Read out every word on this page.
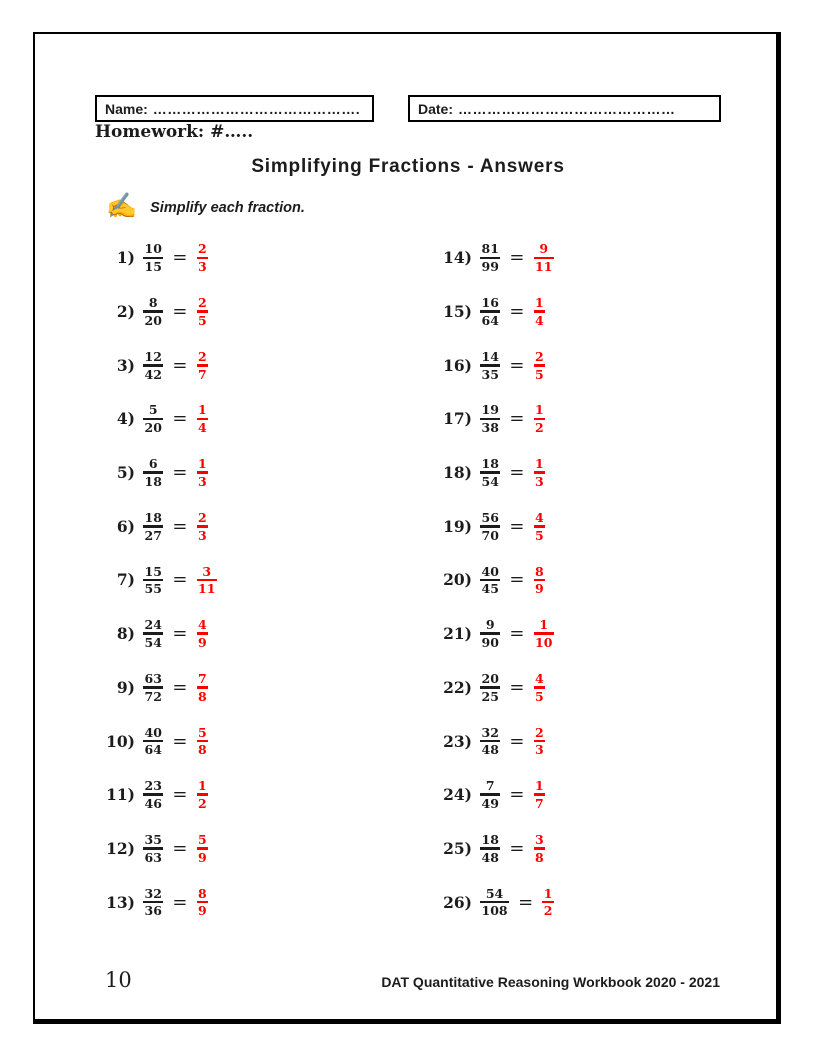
Name: …………………………………….	Date: ………………………………………
Homework: #…..
Simplifying Fractions - Answers
✍ Simplify each fraction.
$1) \frac{10}{15} = \frac{2}{3}$
$2) \frac{8}{20} = \frac{2}{5}$
$3) \frac{12}{42} = \frac{2}{7}$
$4) \frac{5}{20} = \frac{1}{4}$
$5) \frac{6}{18} = \frac{1}{3}$
$6) \frac{18}{27} = \frac{2}{3}$
$7) \frac{15}{55} = \frac{3}{11}$
$8) \frac{24}{54} = \frac{4}{9}$
$9) \frac{63}{72} = \frac{7}{8}$
$10) \frac{40}{64} = \frac{5}{8}$
$11) \frac{23}{46} = \frac{1}{2}$
$12) \frac{35}{63} = \frac{5}{9}$
$13) \frac{32}{36} = \frac{8}{9}$
$14) \frac{81}{99} = \frac{9}{11}$
$15) \frac{16}{64} = \frac{1}{4}$
$16) \frac{14}{35} = \frac{2}{5}$
$17) \frac{19}{38} = \frac{1}{2}$
$18) \frac{18}{54} = \frac{1}{3}$
$19) \frac{56}{70} = \frac{4}{5}$
$20) \frac{40}{45} = \frac{8}{9}$
$21) \frac{9}{90} = \frac{1}{10}$
$22) \frac{20}{25} = \frac{4}{5}$
$23) \frac{32}{48} = \frac{2}{3}$
$24) \frac{7}{49} = \frac{1}{7}$
$25) \frac{18}{48} = \frac{3}{8}$
$26) \frac{54}{108} = \frac{1}{2}$
10	DAT Quantitative Reasoning Workbook 2020 - 2021
